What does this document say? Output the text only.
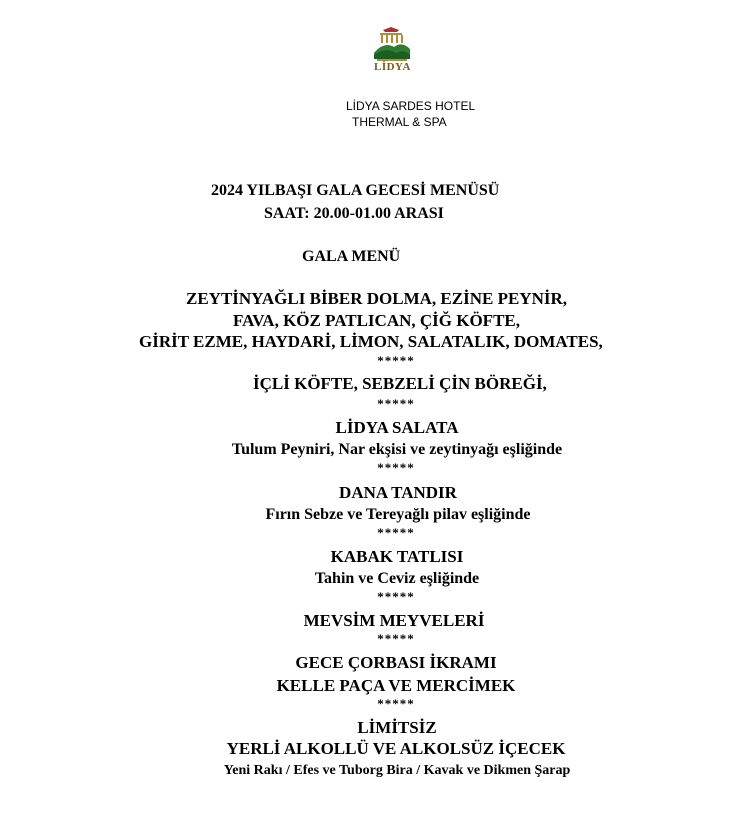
LİDYA
LİDYA SARDES HOTEL
THERMAL & SPA
2024 YILBAŞI GALA GECESİ MENÜSÜ
SAAT: 20.00-01.00 ARASI
GALA MENÜ
ZEYTİNYAĞLI BİBER DOLMA, EZİNE PEYNİR,
FAVA, KÖZ PATLICAN, ÇİĞ KÖFTE,
GİRİT EZME, HAYDARİ, LİMON, SALATALIK, DOMATES,
*****
İÇLİ KÖFTE, SEBZELİ ÇİN BÖREĞİ,
*****
LİDYA SALATA
Tulum Peyniri, Nar ekşisi ve zeytinyağı eşliğinde
*****
DANA TANDIR
Fırın Sebze ve Tereyağlı pilav eşliğinde
*****
KABAK TATLISI
Tahin ve Ceviz eşliğinde
*****
MEVSİM MEYVELERİ
*****
GECE ÇORBASI İKRAMI
KELLE PAÇA VE MERCİMEK
*****
LİMİTSİZ
YERLİ ALKOLLÜ VE ALKOLSÜZ İÇECEK
Yeni Rakı / Efes ve Tuborg Bira / Kavak ve Dikmen Şarap
